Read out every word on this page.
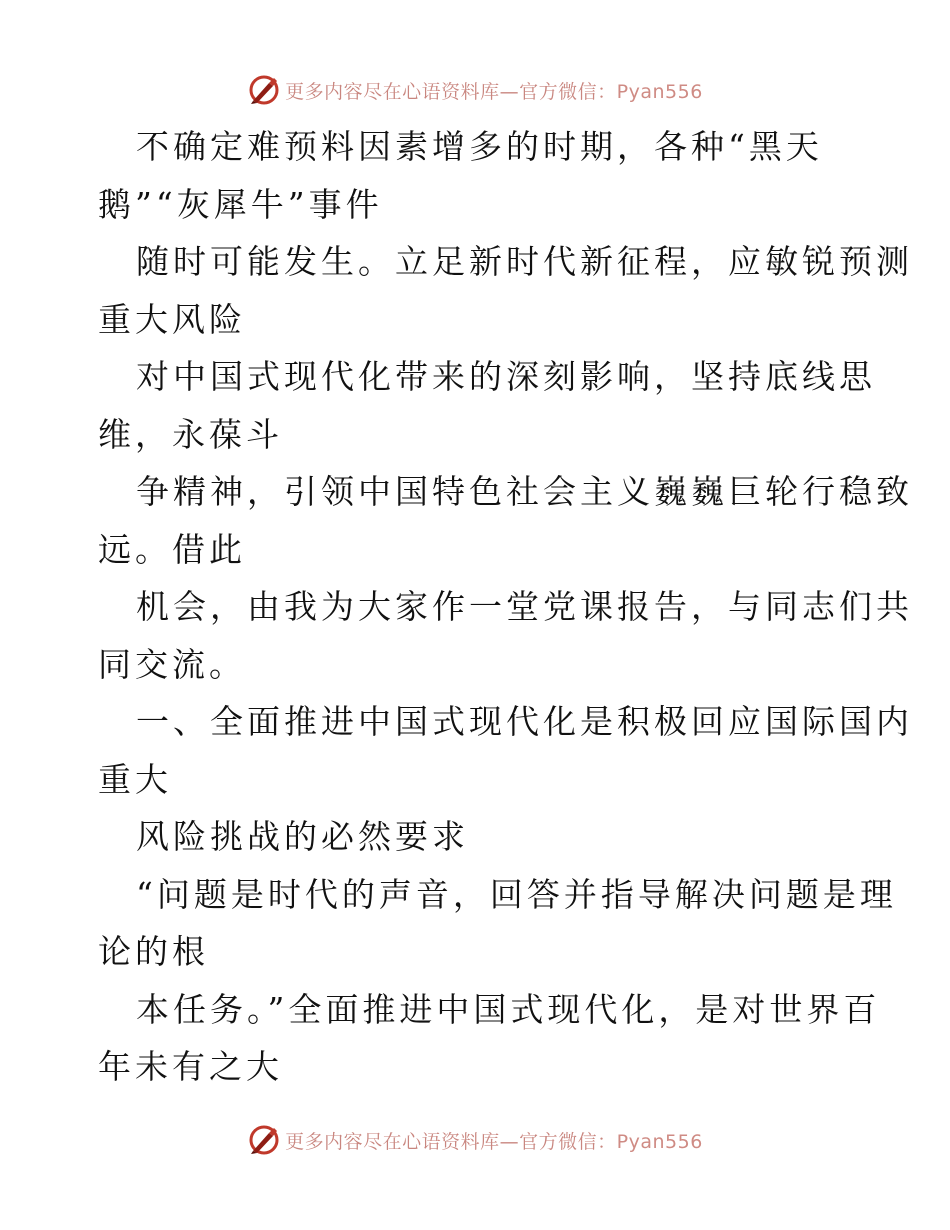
更多内容尽在心语资料库—官方微信：Pyan556

不确定难预料因素增多的时期，各种“黑天

鹅”“灰犀牛”事件

随时可能发生。立足新时代新征程，应敏锐预测

重大风险

对中国式现代化带来的深刻影响，坚持底线思

维，永葆斗

争精神，引领中国特色社会主义巍巍巨轮行稳致

远。借此

机会，由我为大家作一堂党课报告，与同志们共

同交流。

一、全面推进中国式现代化是积极回应国际国内

重大

风险挑战的必然要求

“问题是时代的声音，回答并指导解决问题是理

论的根

本任务。”全面推进中国式现代化，是对世界百

年未有之大

更多内容尽在心语资料库—官方微信：Pyan556
